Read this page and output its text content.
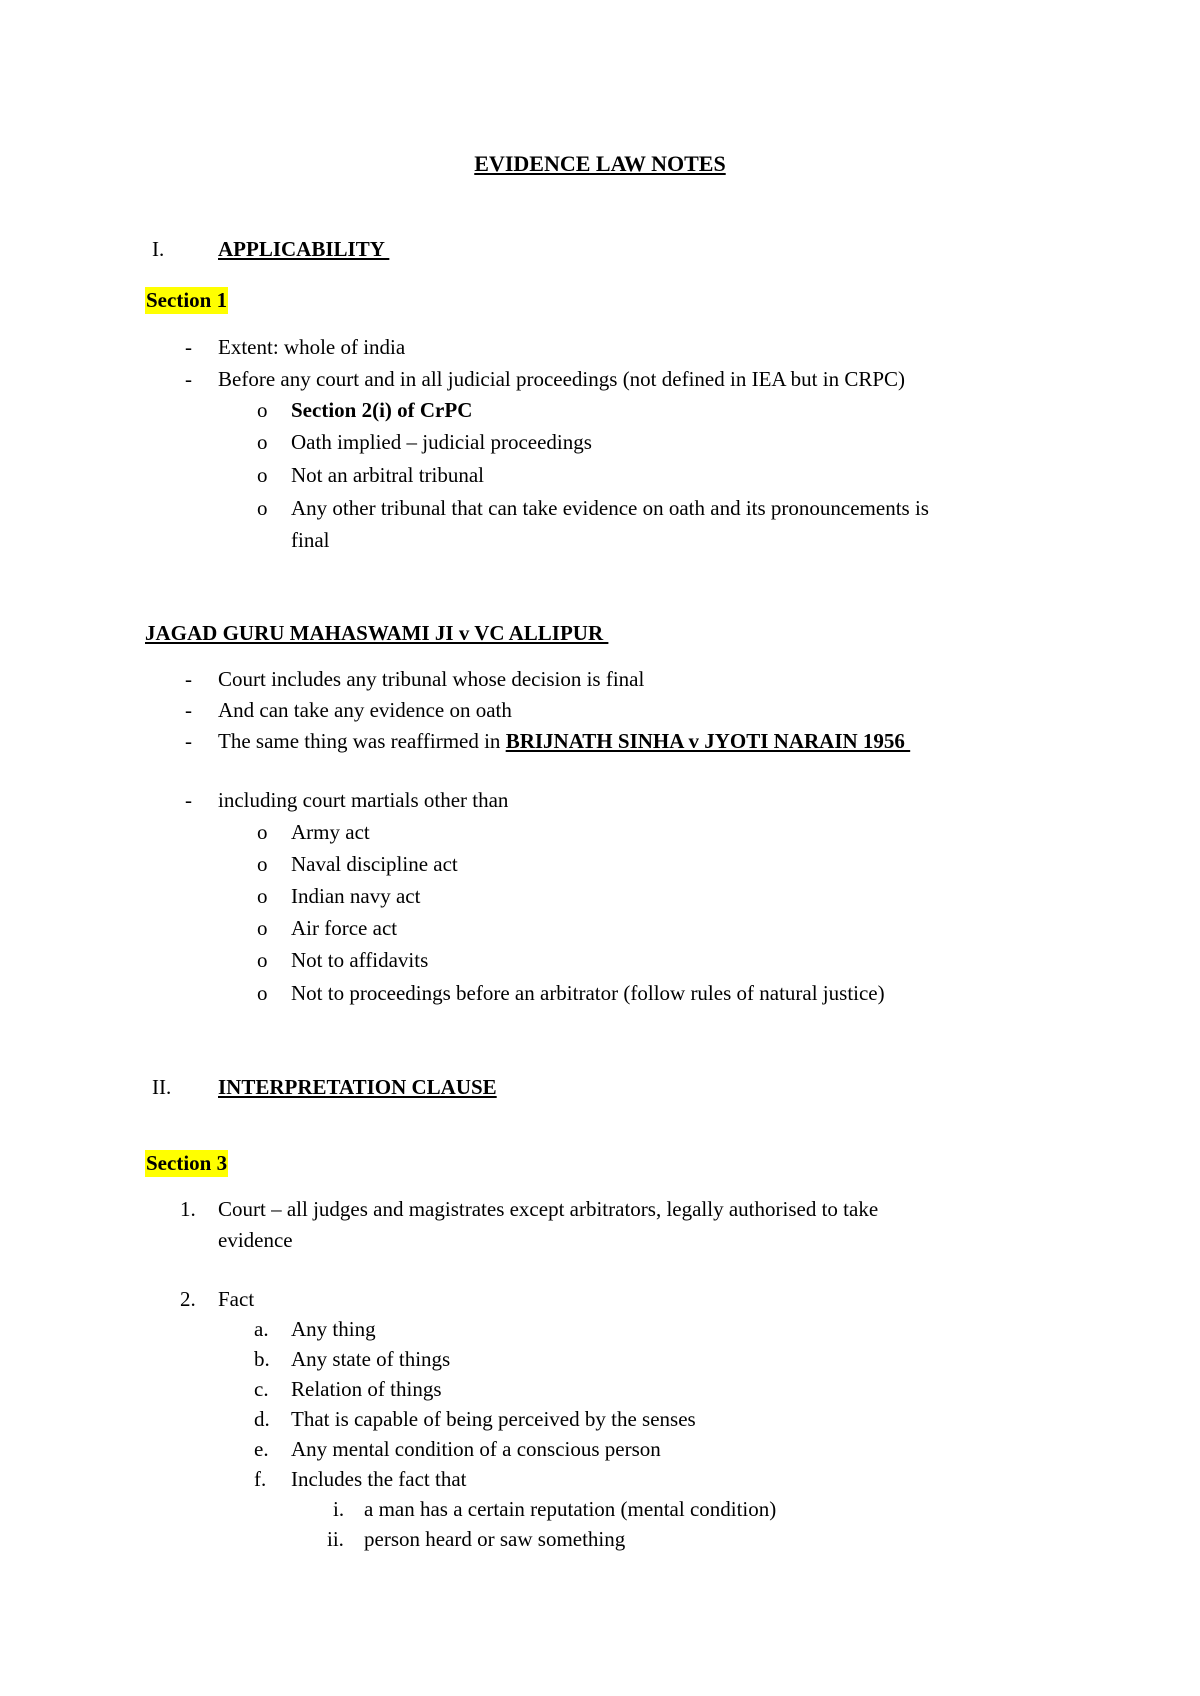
EVIDENCE LAW NOTES
I.	APPLICABILITY
Section 1
- Extent: whole of india
- Before any court and in all judicial proceedings (not defined in IEA but in CRPC)
o Section 2(i) of CrPC
o Oath implied – judicial proceedings
o Not an arbitral tribunal
o Any other tribunal that can take evidence on oath and its pronouncements is
final
JAGAD GURU MAHASWAMI JI v VC ALLIPUR
- Court includes any tribunal whose decision is final
- And can take any evidence on oath
- The same thing was reaffirmed in BRIJNATH SINHA v JYOTI NARAIN 1956
- including court martials other than
o Army act
o Naval discipline act
o Indian navy act
o Air force act
o Not to affidavits
o Not to proceedings before an arbitrator (follow rules of natural justice)
II. INTERPRETATION CLAUSE
Section 3
1. Court – all judges and magistrates except arbitrators, legally authorised to take
evidence
2. Fact
a. Any thing
b. Any state of things
c. Relation of things
d. That is capable of being perceived by the senses
e. Any mental condition of a conscious person
f. Includes the fact that
i. a man has a certain reputation (mental condition)
ii. person heard or saw something
